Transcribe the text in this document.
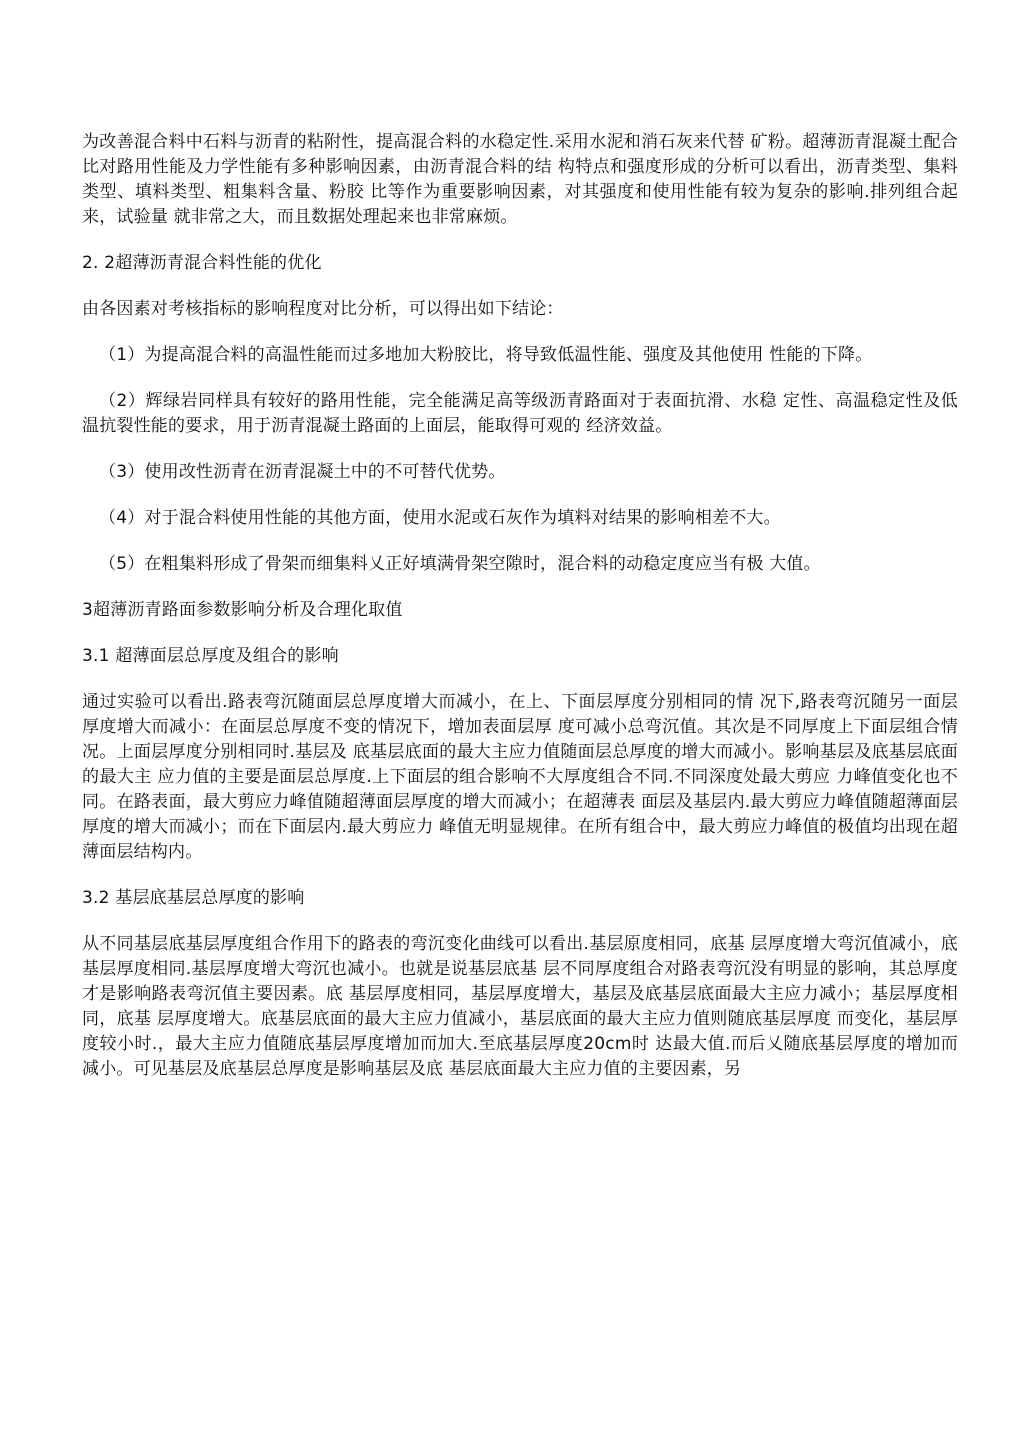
为改善混合料中石料与沥青的粘附性，提高混合料的水稳定性.采用水泥和消石灰来代替 矿粉。超薄沥青混凝土配合比对路用性能及力学性能有多种影响因素，由沥青混合料的结 构特点和强度形成的分析可以看出，沥青类型、集料类型、填料类型、粗集料含量、粉胶 比等作为重要影响因素，对其强度和使用性能有较为复杂的影响.排列组合起来，试验量 就非常之大，而且数据处理起来也非常麻烦。

2. 2超薄沥青混合料性能的优化

由各因素对考核指标的影响程度对比分析，可以得出如下结论：

（1）为提高混合料的高温性能而过多地加大粉胶比，将导致低温性能、强度及其他使用 性能的下降。

（2）辉绿岩同样具有较好的路用性能，完全能满足高等级沥青路面对于表面抗滑、水稳 定性、高温稳定性及低温抗裂性能的要求，用于沥青混凝土路面的上面层，能取得可观的 经济效益。

（3）使用改性沥青在沥青混凝土中的不可替代优势。

（4）对于混合料使用性能的其他方面，使用水泥或石灰作为填料对结果的影响相差不大。

（5）在粗集料形成了骨架而细集料乂正好填满骨架空隙时，混合料的动稳定度应当有极 大值。

3超薄沥青路面参数影响分析及合理化取值

3.1 超薄面层总厚度及组合的影响

通过实验可以看出.路表弯沉随面层总厚度增大而减小，在上、下面层厚度分别相同的情 况下,路表弯沉随另一面层厚度增大而减小：在面层总厚度不变的情况下，增加表面层厚 度可减小总弯沉值。其次是不同厚度上下面层组合情况。上面层厚度分别相同时.基层及 底基层底面的最大主应力值随面层总厚度的增大而减小。影响基层及底基层底面的最大主 应力值的主要是面层总厚度.上下面层的组合影响不大厚度组合不同.不同深度处最大剪应 力峰值变化也不同。在路表面，最大剪应力峰值随超薄面层厚度的增大而减小；在超薄表 面层及基层内.最大剪应力峰值随超薄面层厚度的增大而减小；而在下面层内.最大剪应力 峰值无明显规律。在所有组合中，最大剪应力峰值的极值均出现在超薄面层结构内。

3.2 基层底基层总厚度的影响

从不同基层底基层厚度组合作用下的路表的弯沉变化曲线可以看出.基层原度相同，底基 层厚度增大弯沉值减小，底基层厚度相同.基层厚度增大弯沉也减小。也就是说基层底基 层不同厚度组合对路表弯沉没有明显的影响，其总厚度才是影响路表弯沉值主要因素。底 基层厚度相同，基层厚度增大，基层及底基层底面最大主应力减小；基层厚度相同，底基 层厚度增大。底基层底面的最大主应力值减小，基层底面的最大主应力值则随底基层厚度 而变化，基层厚度较小时.，最大主应力值随底基层厚度增加而加大.至底基层厚度20cm时 达最大值.而后乂随底基层厚度的增加而减小。可见基层及底基层总厚度是影响基层及底 基层底面最大主应力值的主要因素，另
